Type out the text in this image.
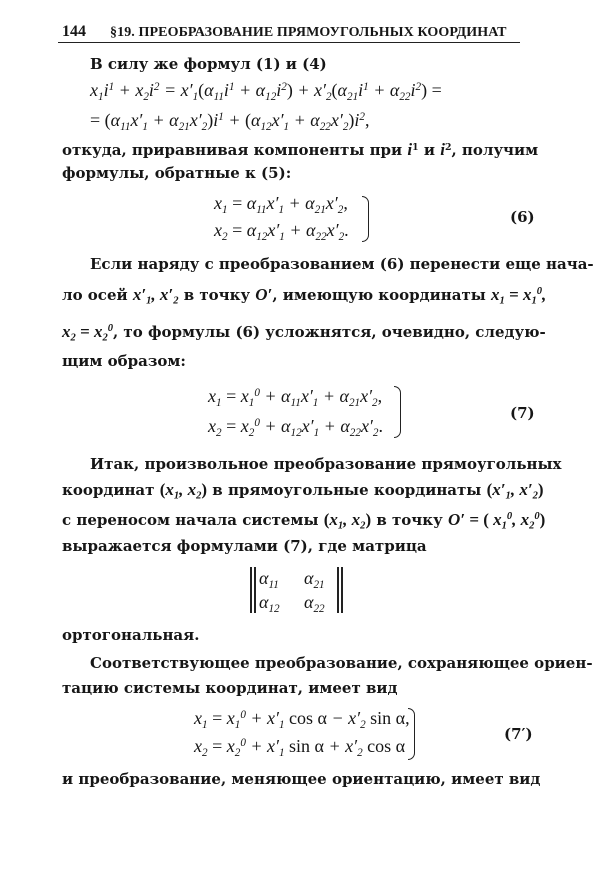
144 §19. ПРЕОБРАЗОВАНИЕ ПРЯМОУГОЛЬНЫХ КООРДИНАТ
В силу же формул (1) и (4)
$x_1i^1 + x_2i^2 = x'_1(\alpha_{11}i^1 + \alpha_{12}i^2) + x'_2(\alpha_{21}i^1 + \alpha_{22}i^2)$ =
= $(\alpha_{11}x'_1 + \alpha_{21}x'_2)i^1 + (\alpha_{12}x'_1 + \alpha_{22}x'_2)i^2$,
откуда, приравнивая компоненты при $i^1$ и $i^2$, получим
формулы, обратные к (5):
$x_1 = \alpha_{11}x'_1 + \alpha_{21}x'_2$,
$x_2 = \alpha_{12}x'_1 + \alpha_{22}x'_2$.
(6)
Если наряду с преобразованием (6) перенести еще нача-
ло осей $x'_1$, $x'_2$ в точку O′, имеющую координаты $x_1 = x_1^0$,
$x_2 = x_2^0$, то формулы (6) усложнятся, очевидно, следую-
щим образом:
$x_1 = x_1^0 + \alpha_{11}x'_1 + \alpha_{21}x'_2$,
$x_2 = x_2^0 + \alpha_{12}x'_1 + \alpha_{22}x'_2$.
(7)
Итак, произвольное преобразование прямоугольных
координат ($x_1$, $x_2$) в прямоугольные координаты ($x'_1$, $x'_2$)
с переносом начала системы ($x_1$, $x_2$) в точку O′ = ( $x_1^0$, $x_2^0$)
выражается формулами (7), где матрица
$\alpha_{11}$ $\alpha_{21}$
$\alpha_{12}$ $\alpha_{22}$
ортогональная.
Соответствующее преобразование, сохраняющее ориен-
тацию системы координат, имеет вид
$x_1 = x_1^0 + x'_1$ $\cos \alpha - x'_2$ sin α,
$x_2 = x_2^0 + x'_1$ $\sin \alpha + x'_2$ cos α
(7′)
и преобразование, меняющее ориентацию, имеет вид
